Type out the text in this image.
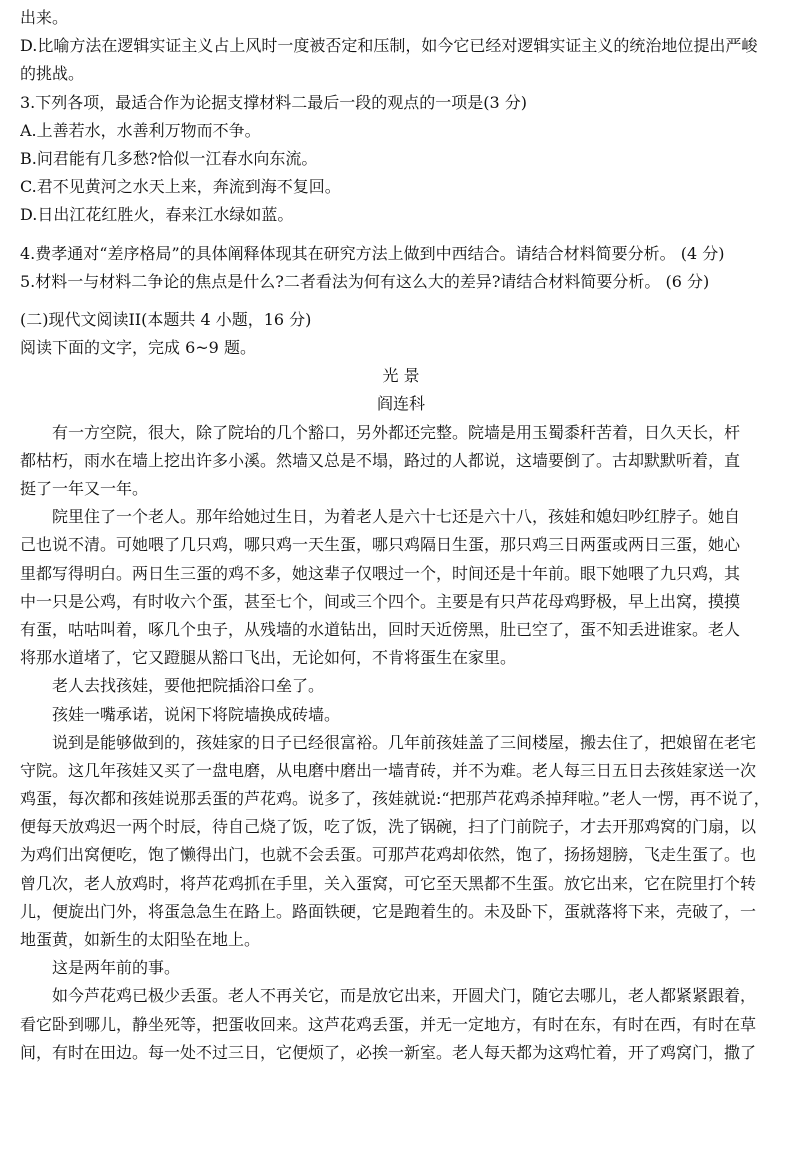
出来。
D.比喻方法在逻辑实证主义占上风时一度被否定和压制，如今它已经对逻辑实证主义的统治地位提出严峻
的挑战。
3.下列各项，最适合作为论据支撑材料二最后一段的观点的一项是(3 分)
A.上善若水，水善利万物而不争。
B.问君能有几多愁?恰似一江春水向东流。
C.君不见黄河之水天上来，奔流到海不复回。
D.日出江花红胜火，春来江水绿如蓝。
4.费孝通对“差序格局”的具体阐释体现其在研究方法上做到中西结合。请结合材料简要分析。 (4 分)
5.材料一与材料二争论的焦点是什么?二者看法为何有这么大的差异?请结合材料简要分析。 (6 分)
(二)现代文阅读II(本题共 4 小题，16 分)
阅读下面的文字，完成 6~9 题。
光 景
阎连科
有一方空院，很大，除了院坮的几个豁口，另外都还完整。院墙是用玉蜀黍秆苦着，日久天长，杆
都枯朽，雨水在墙上挖出许多小溪。然墙又总是不塌，路过的人都说，这墙要倒了。古却默默听着，直
挺了一年又一年。
院里住了一个老人。那年给她过生日，为着老人是六十七还是六十八，孩娃和媳妇吵红脖子。她自
己也说不清。可她喂了几只鸡，哪只鸡一天生蛋，哪只鸡隔日生蛋，那只鸡三日两蛋或两日三蛋，她心
里都写得明白。两日生三蛋的鸡不多，她这辈子仅喂过一个，时间还是十年前。眼下她喂了九只鸡，其
中一只是公鸡，有时收六个蛋，甚至七个，间或三个四个。主要是有只芦花母鸡野极，早上出窝，摸摸
有蛋，咕咕叫着，啄几个虫子，从残墙的水道钻出，回时天近傍黑，肚已空了，蛋不知丢进谁家。老人
将那水道堵了，它又蹬腿从豁口飞出，无论如何，不肯将蛋生在家里。
老人去找孩娃，要他把院插浴口垒了。
孩娃一嘴承诺，说闲下将院墙换成砖墙。
说到是能够做到的，孩娃家的日子已经很富裕。几年前孩娃盖了三间楼屋，搬去住了，把娘留在老宅
守院。这几年孩娃又买了一盘电磨，从电磨中磨出一墙青砖，并不为难。老人每三日五日去孩娃家送一次
鸡蛋，每次都和孩娃说那丢蛋的芦花鸡。说多了，孩娃就说:“把那芦花鸡杀掉拜啦。”老人一愣，再不说了，
便每天放鸡迟一两个时辰，待自己烧了饭，吃了饭，洗了锅碗，扫了门前院子，才去开那鸡窝的门扇，以
为鸡们出窝便吃，饱了懒得出门，也就不会丢蛋。可那芦花鸡却依然，饱了，扬扬翅膀，飞走生蛋了。也
曾几次，老人放鸡时，将芦花鸡抓在手里，关入蛋窝，可它至天黑都不生蛋。放它出来，它在院里打个转
儿，便旋出门外，将蛋急急生在路上。路面铁硬，它是跑着生的。未及卧下，蛋就落将下来，壳破了，一
地蛋黄，如新生的太阳坠在地上。
这是两年前的事。
如今芦花鸡已极少丢蛋。老人不再关它，而是放它出来，开圆犬门，随它去哪儿，老人都紧紧跟着，
看它卧到哪儿，静坐死等，把蛋收回来。这芦花鸡丢蛋，并无一定地方，有时在东，有时在西，有时在草
间，有时在田边。每一处不过三日，它便烦了，必挨一新室。老人每天都为这鸡忙着，开了鸡窝门，撒了
